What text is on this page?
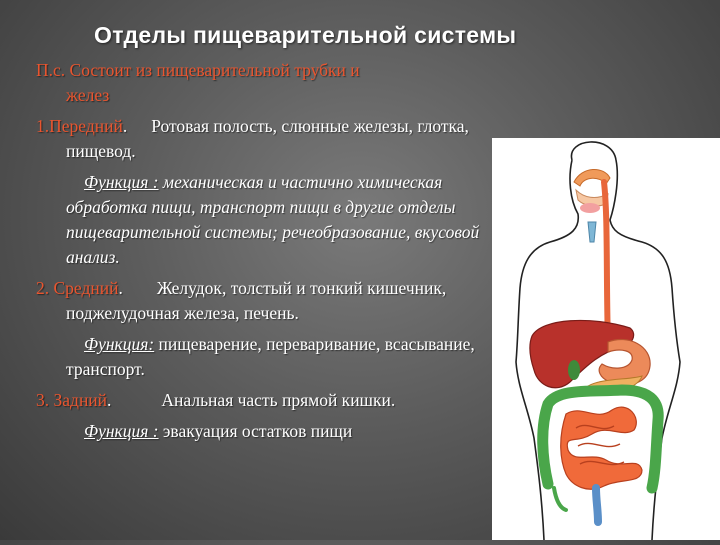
Отделы пищеварительной системы

П.с. Состоит из пищеварительной трубки и
желез

1.Передний. Ротовая полость, слюнные железы, глотка, пищевод.

Функция : механическая и частично химическая обработка пищи, транспорт пищи в другие отделы пищеварительной системы; речеобразование, вкусовой анализ.

2. Средний. Желудок, толстый и тонкий кишечник, поджелудочная железа, печень.

Функция: пищеварение, переваривание, всасывание, транспорт.

3. Задний.	Анальная часть прямой кишки.

Функция : эвакуация остатков пищи
